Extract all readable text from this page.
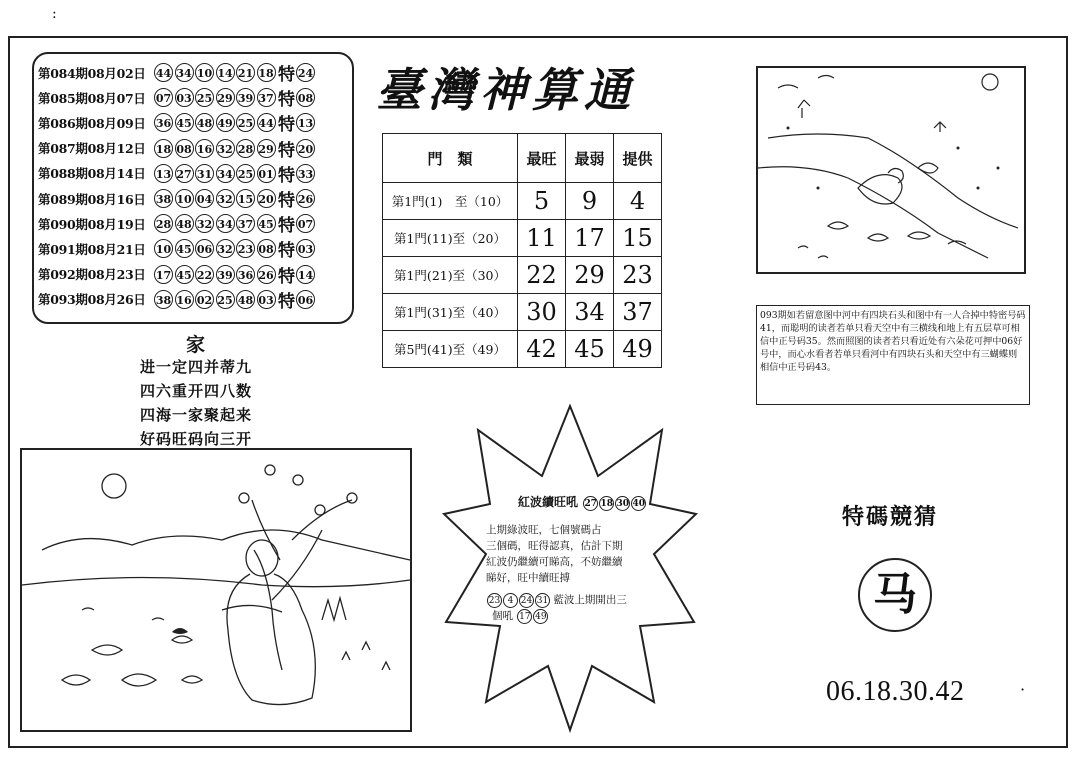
:
第084期08月02日 44 34 10 14 21 18 特 24
第085期08月07日 07 03 25 29 39 37 特 08
第086期08月09日 36 45 48 49 25 44 特 13
第087期08月12日 18 08 16 32 28 29 特 20
第088期08月14日 13 27 31 34 25 01 特 33
第089期08月16日 38 10 04 32 15 20 特 26
第090期08月19日 28 48 32 34 37 45 特 07
第091期08月21日 10 45 06 32 23 08 特 03
第092期08月23日 17 45 22 39 36 26 特 14
第093期08月26日 38 16 02 25 48 03 特 06
臺灣神算通
門　類	最旺	最弱	提供
第1門(1)　至（10）	5	9	4
第1門(11)至（20）	11	17	15
第1門(21)至（30）	22	29	23
第1門(31)至（40）	30	34	37
第5門(41)至（49）	42	45	49
家
进一定四并蒂九
四六重开四八数
四海一家聚起来
好码旺码向三开
093期如若留意图中河中有四块石头和图中有一人合掉中特密号码41，而聪明的读者若单只看天空中有三横线和地上有五层草可相信中正号码35。然而照图的读者若只看近处有六朵花可押中06好号中，而心水看者若单只看河中有四块石头和天空中有三蝴蝶则相信中正号码43。
紅波續旺吼 27 18 30 40
上期綠波旺，七個號碼占
三個碼，旺得認真，估計下期
紅波仍繼續可睇高，不妨繼續
睇好，旺中續旺搏
23 4 24 31 藍波上期開出三
個吼 17 49
特碼競猜
马
06.18.30.42	·
